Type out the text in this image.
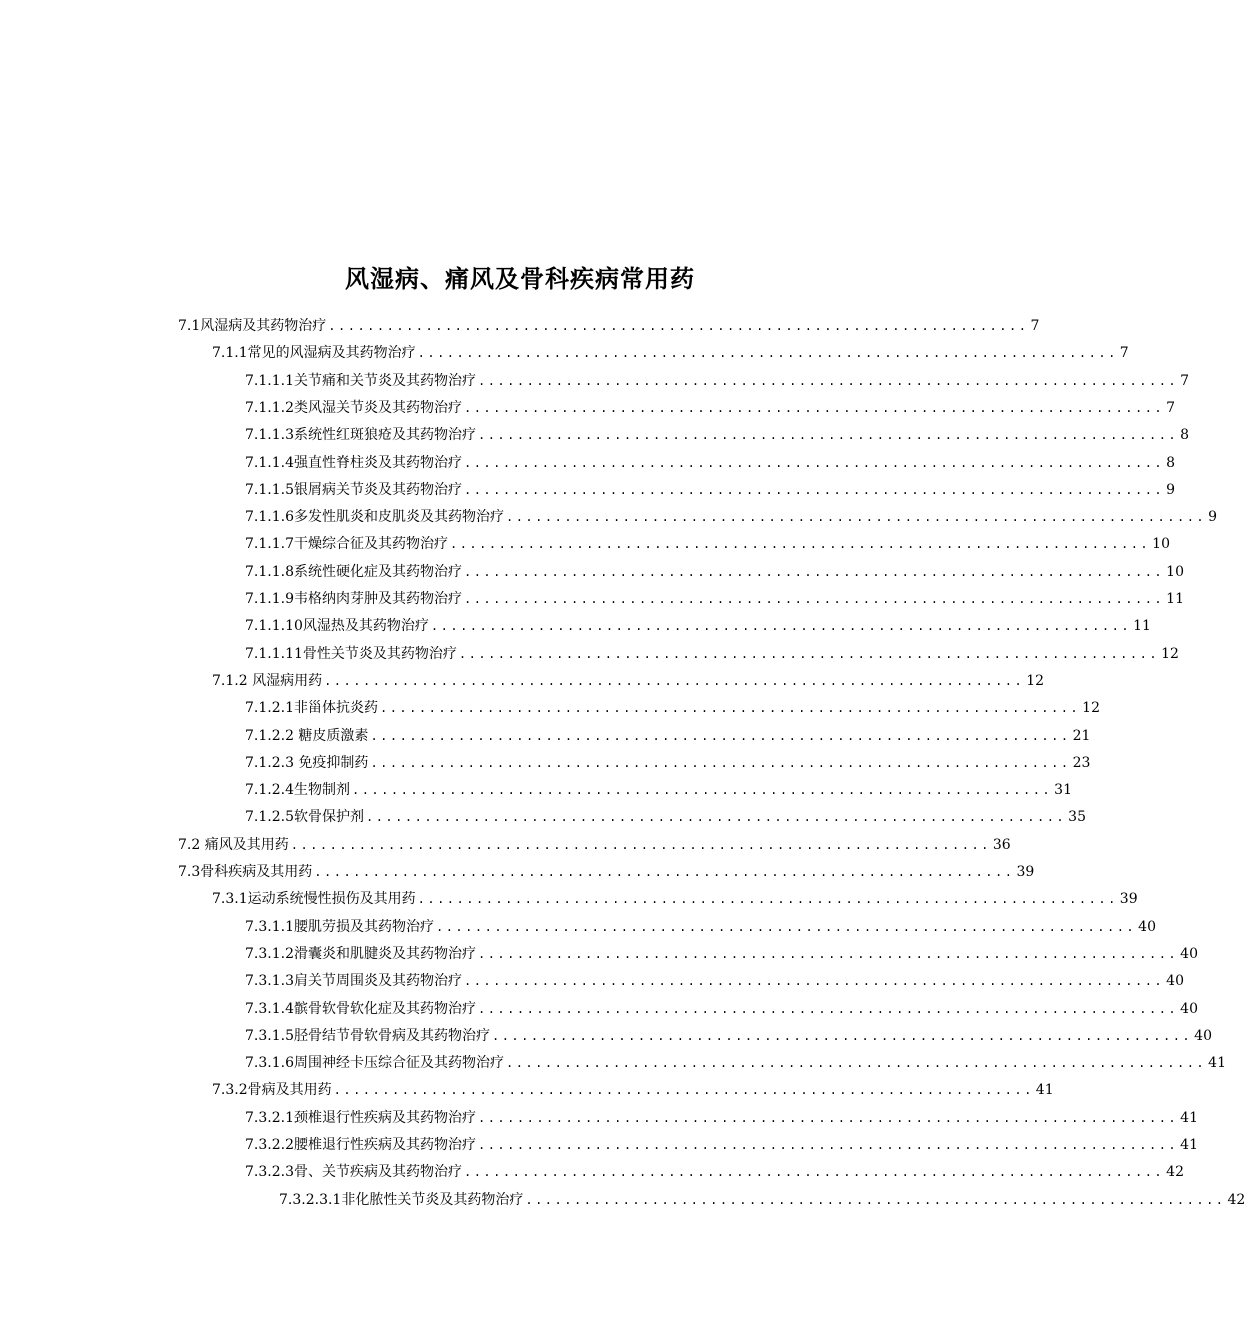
风湿病、痛风及骨科疾病常用药
7.1风湿病及其药物治疗 ........................................................................ 7
7.1.1常见的风湿病及其药物治疗 ........................................................................ 7
7.1.1.1关节痛和关节炎及其药物治疗 ........................................................................ 7
7.1.1.2类风湿关节炎及其药物治疗 ........................................................................ 7
7.1.1.3系统性红斑狼疮及其药物治疗 ........................................................................ 8
7.1.1.4强直性脊柱炎及其药物治疗 ........................................................................ 8
7.1.1.5银屑病关节炎及其药物治疗 ........................................................................ 9
7.1.1.6多发性肌炎和皮肌炎及其药物治疗 ........................................................................ 9
7.1.1.7干燥综合征及其药物治疗 ........................................................................ 10
7.1.1.8系统性硬化症及其药物治疗 ........................................................................ 10
7.1.1.9韦格纳肉芽肿及其药物治疗 ........................................................................ 11
7.1.1.10风湿热及其药物治疗 ........................................................................ 11
7.1.1.11骨性关节炎及其药物治疗 ........................................................................ 12
7.1.2 风湿病用药 ........................................................................ 12
7.1.2.1非甾体抗炎药 ........................................................................ 12
7.1.2.2 糖皮质激素 ........................................................................ 21
7.1.2.3 免疫抑制药 ........................................................................ 23
7.1.2.4生物制剂 ........................................................................ 31
7.1.2.5软骨保护剂 ........................................................................ 35
7.2 痛风及其用药 ........................................................................ 36
7.3骨科疾病及其用药 ........................................................................ 39
7.3.1运动系统慢性损伤及其用药 ........................................................................ 39
7.3.1.1腰肌劳损及其药物治疗 ........................................................................ 40
7.3.1.2滑囊炎和肌腱炎及其药物治疗 ........................................................................ 40
7.3.1.3肩关节周围炎及其药物治疗 ........................................................................ 40
7.3.1.4髌骨软骨软化症及其药物治疗 ........................................................................ 40
7.3.1.5胫骨结节骨软骨病及其药物治疗 ........................................................................ 40
7.3.1.6周围神经卡压综合征及其药物治疗 ........................................................................ 41
7.3.2骨病及其用药 ........................................................................ 41
7.3.2.1颈椎退行性疾病及其药物治疗 ........................................................................ 41
7.3.2.2腰椎退行性疾病及其药物治疗 ........................................................................ 41
7.3.2.3骨、关节疾病及其药物治疗 ........................................................................ 42
7.3.2.3.1非化脓性关节炎及其药物治疗 ........................................................................ 42
